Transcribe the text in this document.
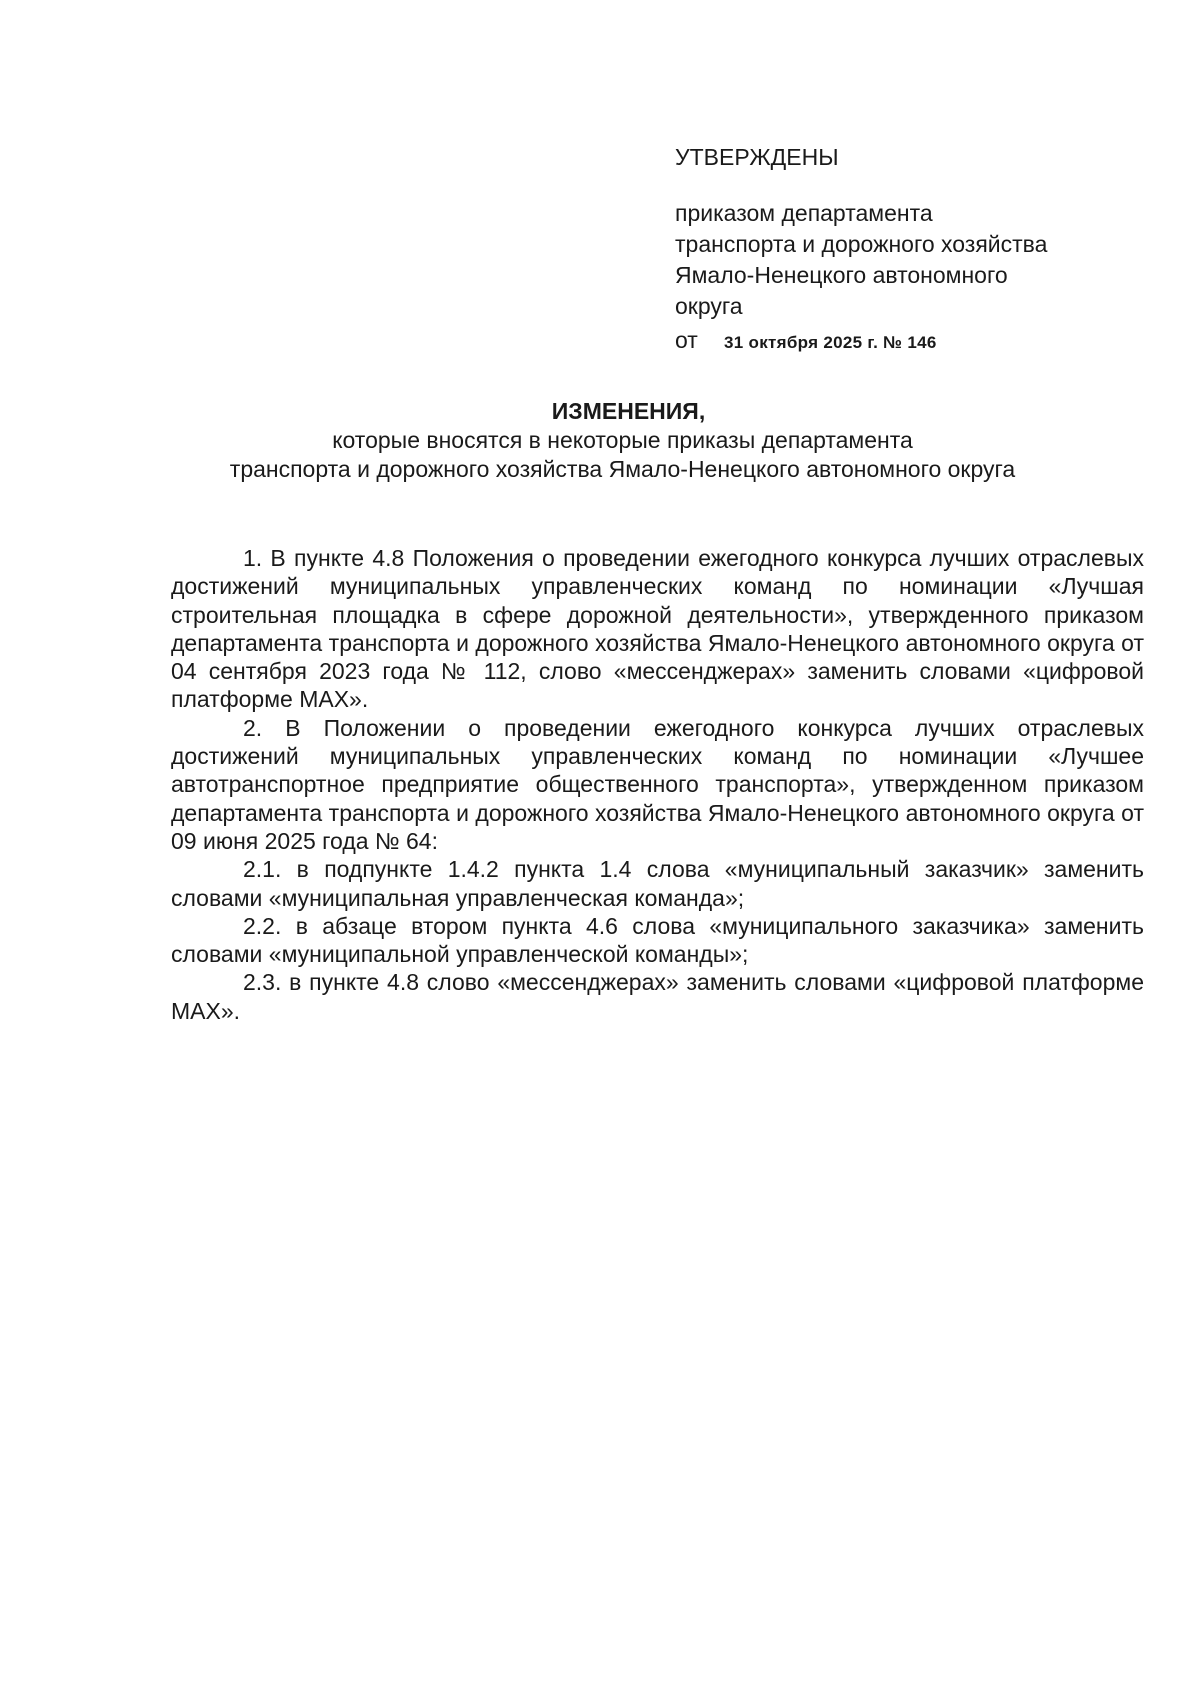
УТВЕРЖДЕНЫ
приказом департамента
транспорта и дорожного хозяйства
Ямало-Ненецкого автономного
округа
от 31 октября 2025 г. № 146
ИЗМЕНЕНИЯ,
которые вносятся в некоторые приказы департамента
транспорта и дорожного хозяйства Ямало-Ненецкого автономного округа

1. В пункте 4.8 Положения о проведении ежегодного конкурса лучших отраслевых достижений муниципальных управленческих команд по номинации «Лучшая строительная площадка в сфере дорожной деятельности», утвержденного приказом департамента транспорта и дорожного хозяйства Ямало-Ненецкого автономного округа от 04 сентября 2023 года № 112, слово «мессенджерах» заменить словами «цифровой платформе MAX».

2. В Положении о проведении ежегодного конкурса лучших отраслевых достижений муниципальных управленческих команд по номинации «Лучшее автотранспортное предприятие общественного транспорта», утвержденном приказом департамента транспорта и дорожного хозяйства Ямало-Ненецкого автономного округа от 09 июня 2025 года № 64:

2.1. в подпункте 1.4.2 пункта 1.4 слова «муниципальный заказчик» заменить словами «муниципальная управленческая команда»;

2.2. в абзаце втором пункта 4.6 слова «муниципального заказчика» заменить словами «муниципальной управленческой команды»;

2.3. в пункте 4.8 слово «мессенджерах» заменить словами «цифровой платформе MAX».
